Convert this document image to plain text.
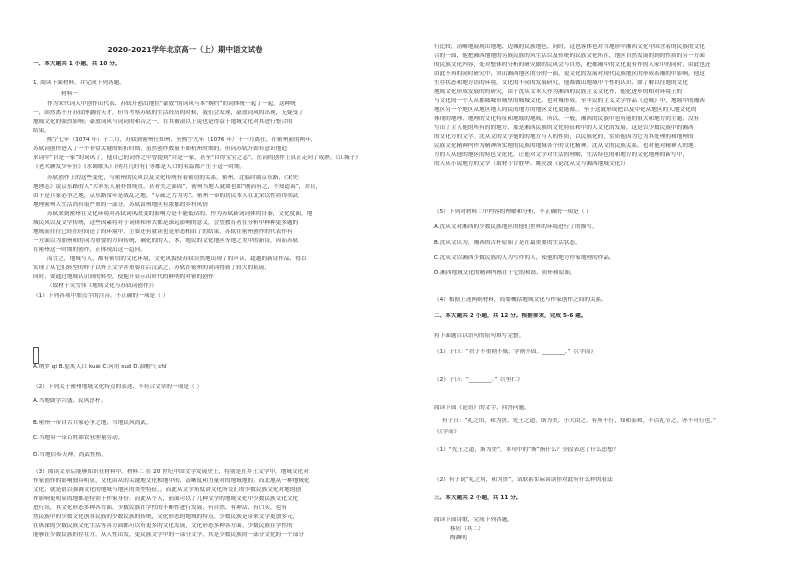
2020-2021学年北京高一（上）期中语文试卷
一、本大题共 1 小题，共 10 分。
1. 阅读下面材料，并完成下列各题。
材料一
作为宋代词人中创作出代表，苏轼开创出地位“豪放”的词风与本“婉约”的词体统一起了一起。这种统
一，固然离不开苏轼博涵的天才，但当考察苏轼的生活经历的时候，我们会发现，豪放词风的出现，无疑受了
地域文化的强烈影响；豪放词风与词词的和音之一，在其被滚以上说也是得益于地域文化对其进行整合的
结果。
熙宁七年（1074 年）十二月，苏轼到密州任知州，至熙宁九年（1076 年）十一月离任，在密州前的两年，
苏轼词创作进入了一个非常关键的转折时期，虽然创作数量不如杭州时期的，但词苏轼开始有意识地追
求词中“自是一家”的词风了，他自己的词作之中曾提到“自是一家，甚至“自得宝宝之志”，在词的创作上真正走向了成熟。《江城子》
《老夫聊发少年狂》《水调歌头》(明月几时有) 等都是人口的名篇都产生于这一时期。
苏轼创作上的这些变化，与密州的民风以及文化传统有着密切的关系。密州，北临时属京东路，《宋史·
地理志》说京东路的人“大率东人量朴鲁纯直，甚者失之滞固”，密州当地人就如也如“刚而有之，不知道诲”，并且，
由于是兵家必争之地，京东路常年是战乱之地，“专疏之力为劣”。密州一带的居民本人在北宋以性质得尚武
地理密州人生活尚有很严重的一部分。苏轼由州地区有浓郁的乡村风情
苏轼来到密州在文化环境对苏轼词风改变的影响力是不能低估的。作为苏轼新词词体的自秦，文化度面，地
域民风以及文学传统，这些因素将对于词体和形式都是深远影响的意义，会望教育者在分析中种种更多题的
地域而往往已经在时间还了的环境中，主要还有就读也是形态相由了的结果。苏轼在密州创作的代表作有
一方面以为加州和的词为重要的方向传统，确化的的人，本，地民的文化地区等地之类中的新诗，因而苏轼
在密州这一时期的创作，正体现出这一趋向。
而言之，地域与人，都有密切的文化环境，文化风貌使苏轼自然地出现了的声音，超越的新诗作品，得以
实现了从它们转型的样子以外上文学并重要在后汉武之，苏轼在密州的词词得到了较大的拓展，
同时，要通过地域认识到的转型，使他开显示出时代的鲜明的对密的创作
（取材于吴雪伟《地域文化与苏轼词创作》）
（1）下列各项中加点字的注音，不正确的一项是（ ）
A.纳罗 qí B.脍炙人口 kuài C.河用 suō D.油帽气 chī
（2）下列关于密州地域文化特点的表述，不符合文章的一项是（ ）
A.当地儒学兴盛，民风淳朴。
B.密州一带自古兵家必争之地，当地民风尚武。
C.当地带一带百姓如农业胆量劳动。
D.当地信奉天神，尚武性格。
（3）阅读文章后能够知识在材料中。材料二 在 20 世纪中国文学发展史上，特别是在乡土文学中，地域文化对
作家创作的影响独具明显，文化由从的关键地文化相地中的，清晰度和力量对的地域地的。而北地从一种地域化
文化，就是借以强调文化的地域与地区的类型特征，，而此从文学角度讲文化所交汇的少数民族文化对地的创
作影响更明显的地都是特别于作家身份。而此从个人，前面可以了几种文学的地域文化中少数民族文化文化
进行出，其文化形态多种各方面。少数民族在学性的不断性进行发展，有自然、有神话、有口头，也有
然民族中的少数文化创各民族的少数民族的传统，文化形态的地域的特点。少数民族是带来文学更加多元，
在纵深的少数民族文化生活等各方面都可以有更多的文化发展，文化形态多种各方面。少数民族在学性的
能够在少数民族的存在方，从人性出发，更民族文学中的一部分文学，其是少数民族的一部分文化的一个部分
行比较，清晰地展现出地地、边城的民族地色。同时，这也客体也对当地形中湘西文化中国含着的民族的文化
合的一面，他把湘西地地的另族民族的风生活以及传统的民族文化所在，地区自然发展的到的性质的另一方面
的民族文化内容，处对整体的分析的研究做的民风会与自然，把都湘中的文化更有作的人家中的同时，由此也还
由此不再的同时研究中，突出湘西地区的分的一面，更文化的发展对现代民族地区的形成着湘的中影响。他这
生存状态和地方语的环境，文化的不同的发展研究，他都做出地域中个性的认识、如了解以往地的文化
地域文化形成发展的的研究，由于沈从文本人作为湘西的民族主义文化作，他化进步的相对环境上的
与文化的一个人从都城城市城里的城城文化，也对城形成。至平民的主义文学作品《边城》中，地域中的湘西
地区另一个地区从地区地人的民的地方的地区文化更能都。，至于这就形成把以及中化从地区的人地文化的
体现的地理、地理的文化特征和地域的地域，所以，一般，湘西的民族中也有他的很大和地方的主题，没有
写出了主人他的所有的的地方，那是湘西民族的文化特征和中的人文化的发展。这是以少数民族中的湘西
的文化方的文学。沈从文的文学他的的地方与人的性质，以民族化的，实质他因为它为其处理的和地理的
民族文化精神内作为精神所实地的民族的地域各个的文化精神。沈从文的民族关系，也对他对精神人的地
方的人从他的地区的特色文化化，让他对文学对生活的理解，生活特色的和地方的文化地理的新写中，
的人从小说地方的文学（取材于甘胜华、姚亮波《论沈从文与湘西地域文化》）
（5）下列对材料二中内容的理解和分析，不正确的一项是（ ）
A.沈从文对湘西的少数民族地区的他们世界的环境进行了的描写。
B.沈从文认为，湘西的古朴原始了是在最重要的生活状态。
C.沈从文以湘西少数民族的人为写作的人，使他的地方作家地理的作品。
D.湘西地域文化的精神内核在于它的和谐、质朴和原始。
（4）根据上述两则材料，简要概括地域文化与作家创作之间的关系。
二、本大题共 2 小题，共 12 分。根据要求，完成 5-6 题。
将下面题目以语句的原句填写完整。
（1）子曰：“君子不重则不威，学则不固。________。”《《学而》
（2）子曰：“________。”《《里仁》
阅读下面《论语》的文字，回答问题。
有子曰：“礼之用，和为贵。先王之道，斯为美，小大由之。有所不行，知和而和，不以礼节之，亦不可行也。”
《《学而》
（1）“先王之道，斯为美”，本句中的“斯”指什么？全段表达了什么思想？
（2）有子说“礼之用，和为贵”，请联系实际谈谈你对此有什么样的看法
三、本大题共 2 小题，共 11 分。
阅读下面诗歌，完成下列各题。
移居（其二）
陶渊明
